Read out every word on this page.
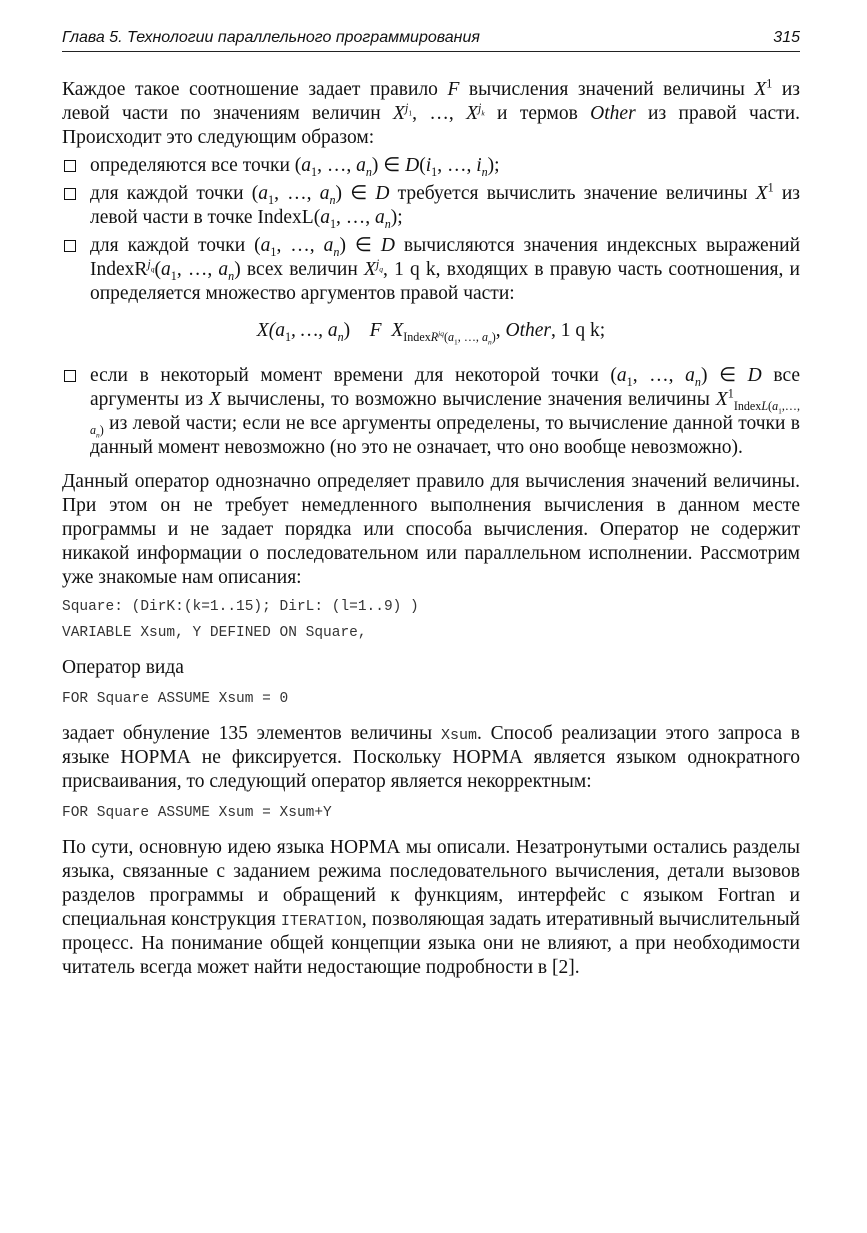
Глава 5. Технологии параллельного программирования	315

Каждое такое соотношение задает правило F вычисления значений величины $X^1$ из левой части по значениям величин $X^{j_1}$, …, $X^{j_k}$ и термов Other из правой части. Происходит это следующим образом:

определяются все точки ($a_1$, …, $a_n$) ∈ $D(i_1$, …, $i_n$);
для каждой точки ($a_1$, …, $a_n$) ∈ D требуется вычислить значение величины $X^1$ из левой части в точке $IndexL(a_1$, …, $a_n$);
для каждой точки ($a_1$, …, $a_n$) ∈ D вычисляются значения индексных выражений $IndexR^{j_q}(a_1$, …, $a_n$) всех величин $X^{j_q}$, 1 q k, входящих в правую часть соотношения, и определяется множество аргументов правой части:
$X(a_1$, …, $a_n$) F $X_{IndexR^{jq}(a_1, \dots, a_n)}$, Other, 1 q k;
если в некоторый момент времени для некоторой точки ($a_1$, …, $a_n$) ∈ D все аргументы из X вычислены, то возможно вычисление значения величины $X^1_{IndexL(a_1,\dots, a_n)}$ из левой части; если не все аргументы определены, то вычисление данной точки в данный момент невозможно (но это не означает, что оно вообще невозможно).

Данный оператор однозначно определяет правило для вычисления значений величины. При этом он не требует немедленного выполнения вычисления в данном месте программы и не задает порядка или способа вычисления. Оператор не содержит никакой информации о последовательном или параллельном исполнении. Рассмотрим уже знакомые нам описания:

Square: (DirK:(k=1..15); DirL: (l=1..9) )
VARIABLE Xsum, Y DEFINED ON Square,

Оператор вида

FOR Square ASSUME Xsum = 0

задает обнуление 135 элементов величины Xsum. Способ реализации этого запроса в языке НОРМА не фиксируется. Поскольку НОРМА является языком однократного присваивания, то следующий оператор является некорректным:

FOR Square ASSUME Xsum = Xsum+Y

По сути, основную идею языка НОРМА мы описали. Незатронутыми остались разделы языка, связанные с заданием режима последовательного вычисления, детали вызовов разделов программы и обращений к функциям, интерфейс с языком Fortran и специальная конструкция ITERATION, позволяющая задать итеративный вычислительный процесс. На понимание общей концепции языка они не влияют, а при необходимости читатель всегда может найти недостающие подробности в [2].
